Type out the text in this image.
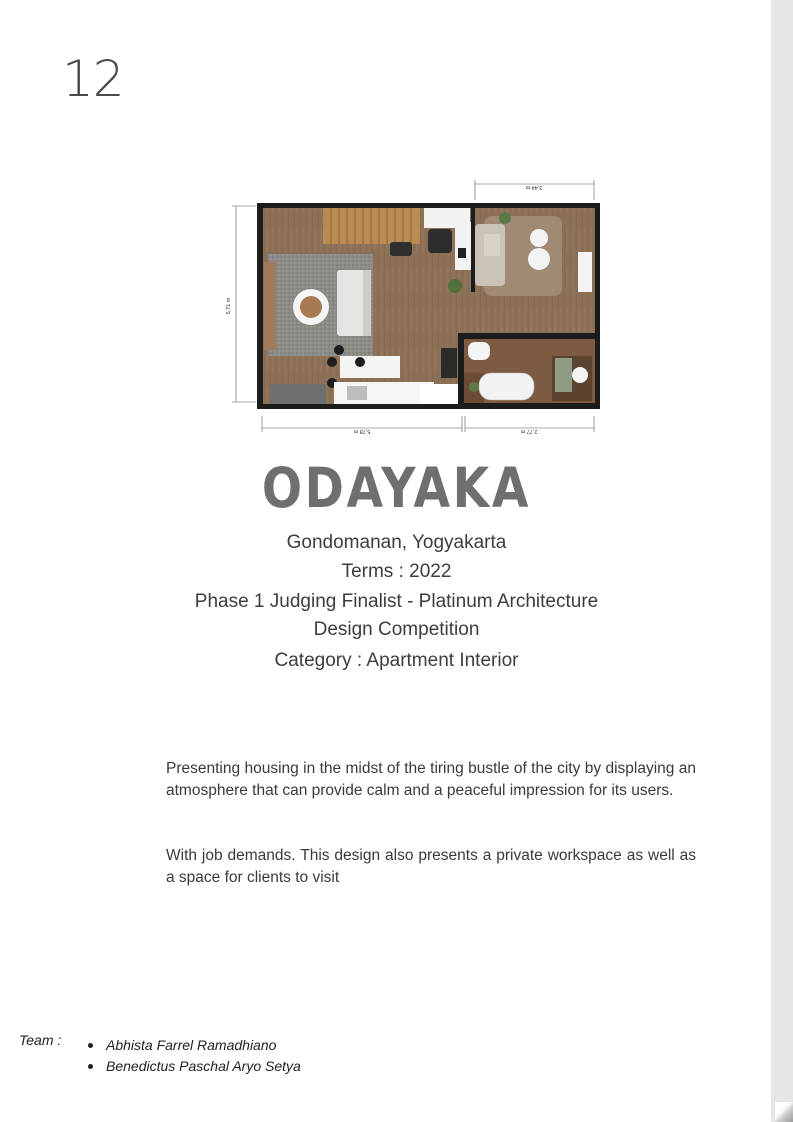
12
3,44 m
5,71 m
5,78 m	2,77 m
ODAYAKA
Gondomanan, Yogyakarta
Terms : 2022
Phase 1 Judging Finalist - Platinum Architecture
Design Competition
Category : Apartment Interior

Presenting housing in the midst of the tiring bustle of the city by displaying an atmosphere that can provide calm and a peaceful impression for its users.

With job demands. This design also presents a private workspace as well as a space for clients to visit

Team :	Abhista Farrel Ramadhiano
Benedictus Paschal Aryo Setya
